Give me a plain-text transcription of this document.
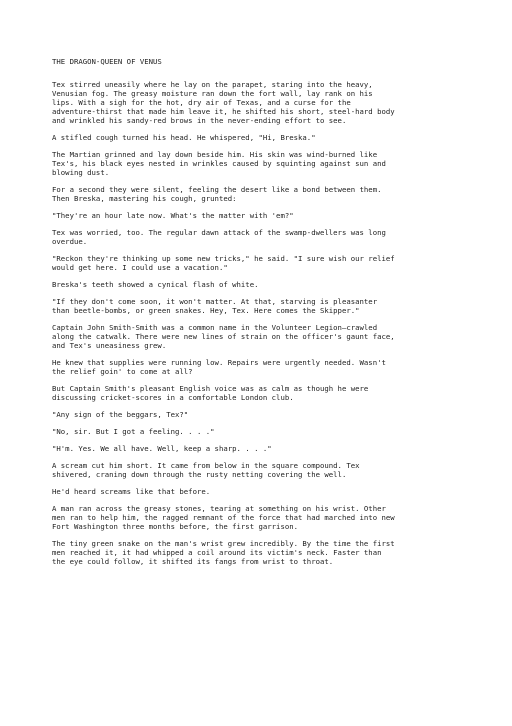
THE DRAGON-QUEEN OF VENUS
Tex stirred uneasily where he lay on the parapet, staring into the heavy,
Venusian fog. The greasy moisture ran down the fort wall, lay rank on his
lips. With a sigh for the hot, dry air of Texas, and a curse for the
adventure-thirst that made him leave it, he shifted his short, steel-hard body
and wrinkled his sandy-red brows in the never-ending effort to see.
A stifled cough turned his head. He whispered, "Hi, Breska."
The Martian grinned and lay down beside him. His skin was wind-burned like
Tex's, his black eyes nested in wrinkles caused by squinting against sun and
blowing dust.
For a second they were silent, feeling the desert like a bond between them.
Then Breska, mastering his cough, grunted:
"They're an hour late now. What's the matter with 'em?"
Tex was worried, too. The regular dawn attack of the swamp-dwellers was long
overdue.
"Reckon they're thinking up some new tricks," he said. "I sure wish our relief
would get here. I could use a vacation."
Breska's teeth showed a cynical flash of white.
"If they don't come soon, it won't matter. At that, starving is pleasanter
than beetle-bombs, or green snakes. Hey, Tex. Here comes the Skipper."
Captain John Smith-Smith was a common name in the Volunteer Legion—crawled
along the catwalk. There were new lines of strain on the officer's gaunt face,
and Tex's uneasiness grew.
He knew that supplies were running low. Repairs were urgently needed. Wasn't
the relief goin' to come at all?
But Captain Smith's pleasant English voice was as calm as though he were
discussing cricket-scores in a comfortable London club.
"Any sign of the beggars, Tex?"
"No, sir. But I got a feeling. . . ."
"H'm. Yes. We all have. Well, keep a sharp. . . ."
A scream cut him short. It came from below in the square compound. Tex
shivered, craning down through the rusty netting covering the well.
He'd heard screams like that before.
A man ran across the greasy stones, tearing at something on his wrist. Other
men ran to help him, the ragged remnant of the force that had marched into new
Fort Washington three months before, the first garrison.
The tiny green snake on the man's wrist grew incredibly. By the time the first
men reached it, it had whipped a coil around its victim's neck. Faster than
the eye could follow, it shifted its fangs from wrist to throat.
